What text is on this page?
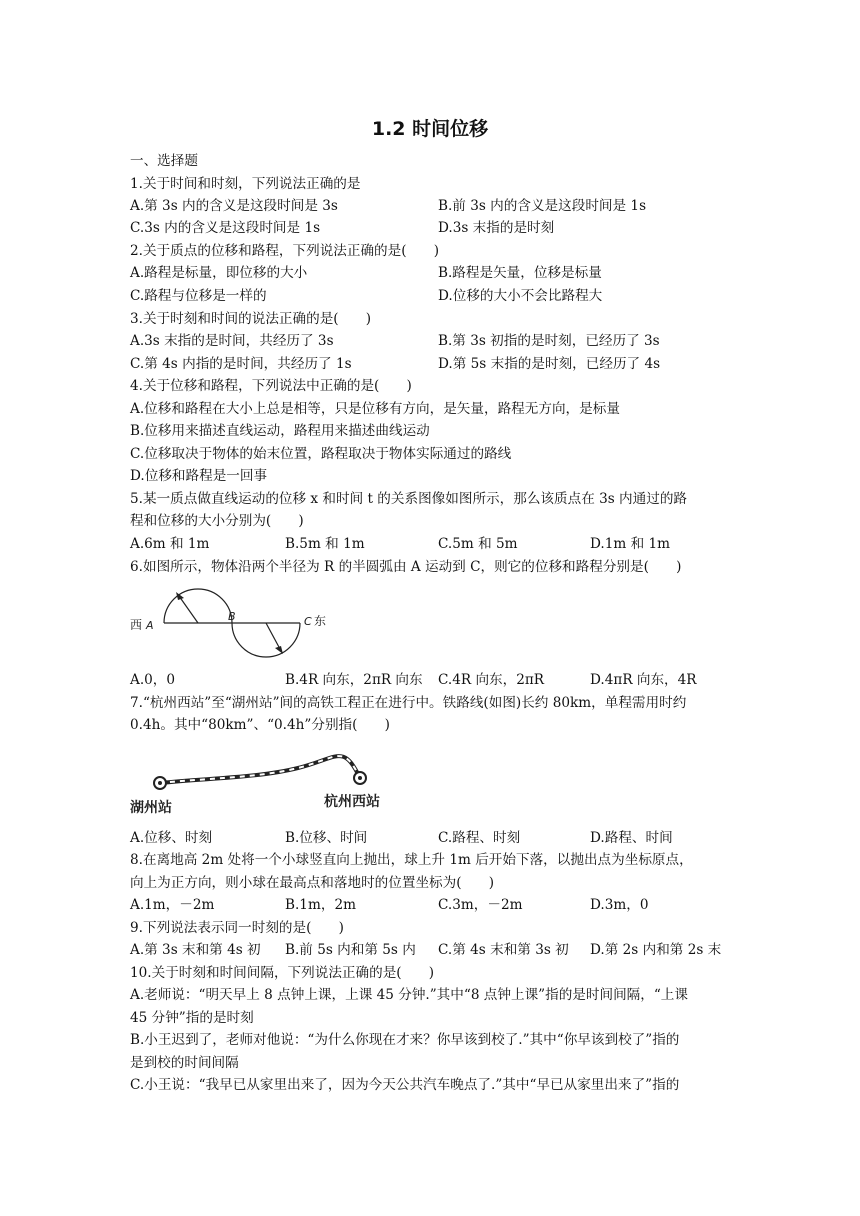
1.2 时间位移
一、选择题
1.关于时间和时刻，下列说法正确的是
A.第 3s 内的含义是这段时间是 3s	B.前 3s 内的含义是这段时间是 1s
C.3s 内的含义是这段时间是 1s	D.3s 末指的是时刻
2.关于质点的位移和路程，下列说法正确的是(　　)
A.路程是标量，即位移的大小	B.路程是矢量，位移是标量
C.路程与位移是一样的	D.位移的大小不会比路程大
3.关于时刻和时间的说法正确的是(　　)
A.3s 末指的是时间，共经历了 3s	B.第 3s 初指的是时刻，已经历了 3s
C.第 4s 内指的是时间，共经历了 1s	D.第 5s 末指的是时刻，已经历了 4s
4.关于位移和路程，下列说法中正确的是(　　)
A.位移和路程在大小上总是相等，只是位移有方向，是矢量，路程无方向，是标量
B.位移用来描述直线运动，路程用来描述曲线运动
C.位移取决于物体的始末位置，路程取决于物体实际通过的路线
D.位移和路程是一回事
5.某一质点做直线运动的位移 x 和时间 t 的关系图像如图所示，那么该质点在 3s 内通过的路
程和位移的大小分别为(　　)
A.6m 和 1m	B.5m 和 1m	C.5m 和 5m	D.1m 和 1m
6.如图所示，物体沿两个半径为 R 的半圆弧由 A 运动到 C，则它的位移和路程分别是(　　)
西 A
B	C 东
A.0，0	B.4R 向东，2πR 向东 C.4R 向东，2πR	D.4πR 向东，4R
7.“杭州西站”至“湖州站”间的高铁工程正在进行中。铁路线(如图)长约 80km，单程需用时约
0.4h。其中“80km”、“0.4h”分别指(　　)
湖州站	杭州西站
A.位移、时刻	B.位移、时间	C.路程、时刻	D.路程、时间
8.在离地高 2m 处将一个小球竖直向上抛出，球上升 1m 后开始下落，以抛出点为坐标原点，
向上为正方向，则小球在最高点和落地时的位置坐标为(　　)
A.1m，－2m	B.1m，2m	C.3m，－2m	D.3m，0
9.下列说法表示同一时刻的是(　　)
A.第 3s 末和第 4s 初 B.前 5s 内和第 5s 内 C.第 4s 末和第 3s 初 D.第 2s 内和第 2s 末
10.关于时刻和时间间隔，下列说法正确的是(　　)
A.老师说：“明天早上 8 点钟上课，上课 45 分钟.”其中“8 点钟上课”指的是时间间隔，“上课
45 分钟”指的是时刻
B.小王迟到了，老师对他说：“为什么你现在才来？你早该到校了.”其中“你早该到校了”指的
是到校的时间间隔
C.小王说：“我早已从家里出来了，因为今天公共汽车晚点了.”其中“早已从家里出来了”指的
